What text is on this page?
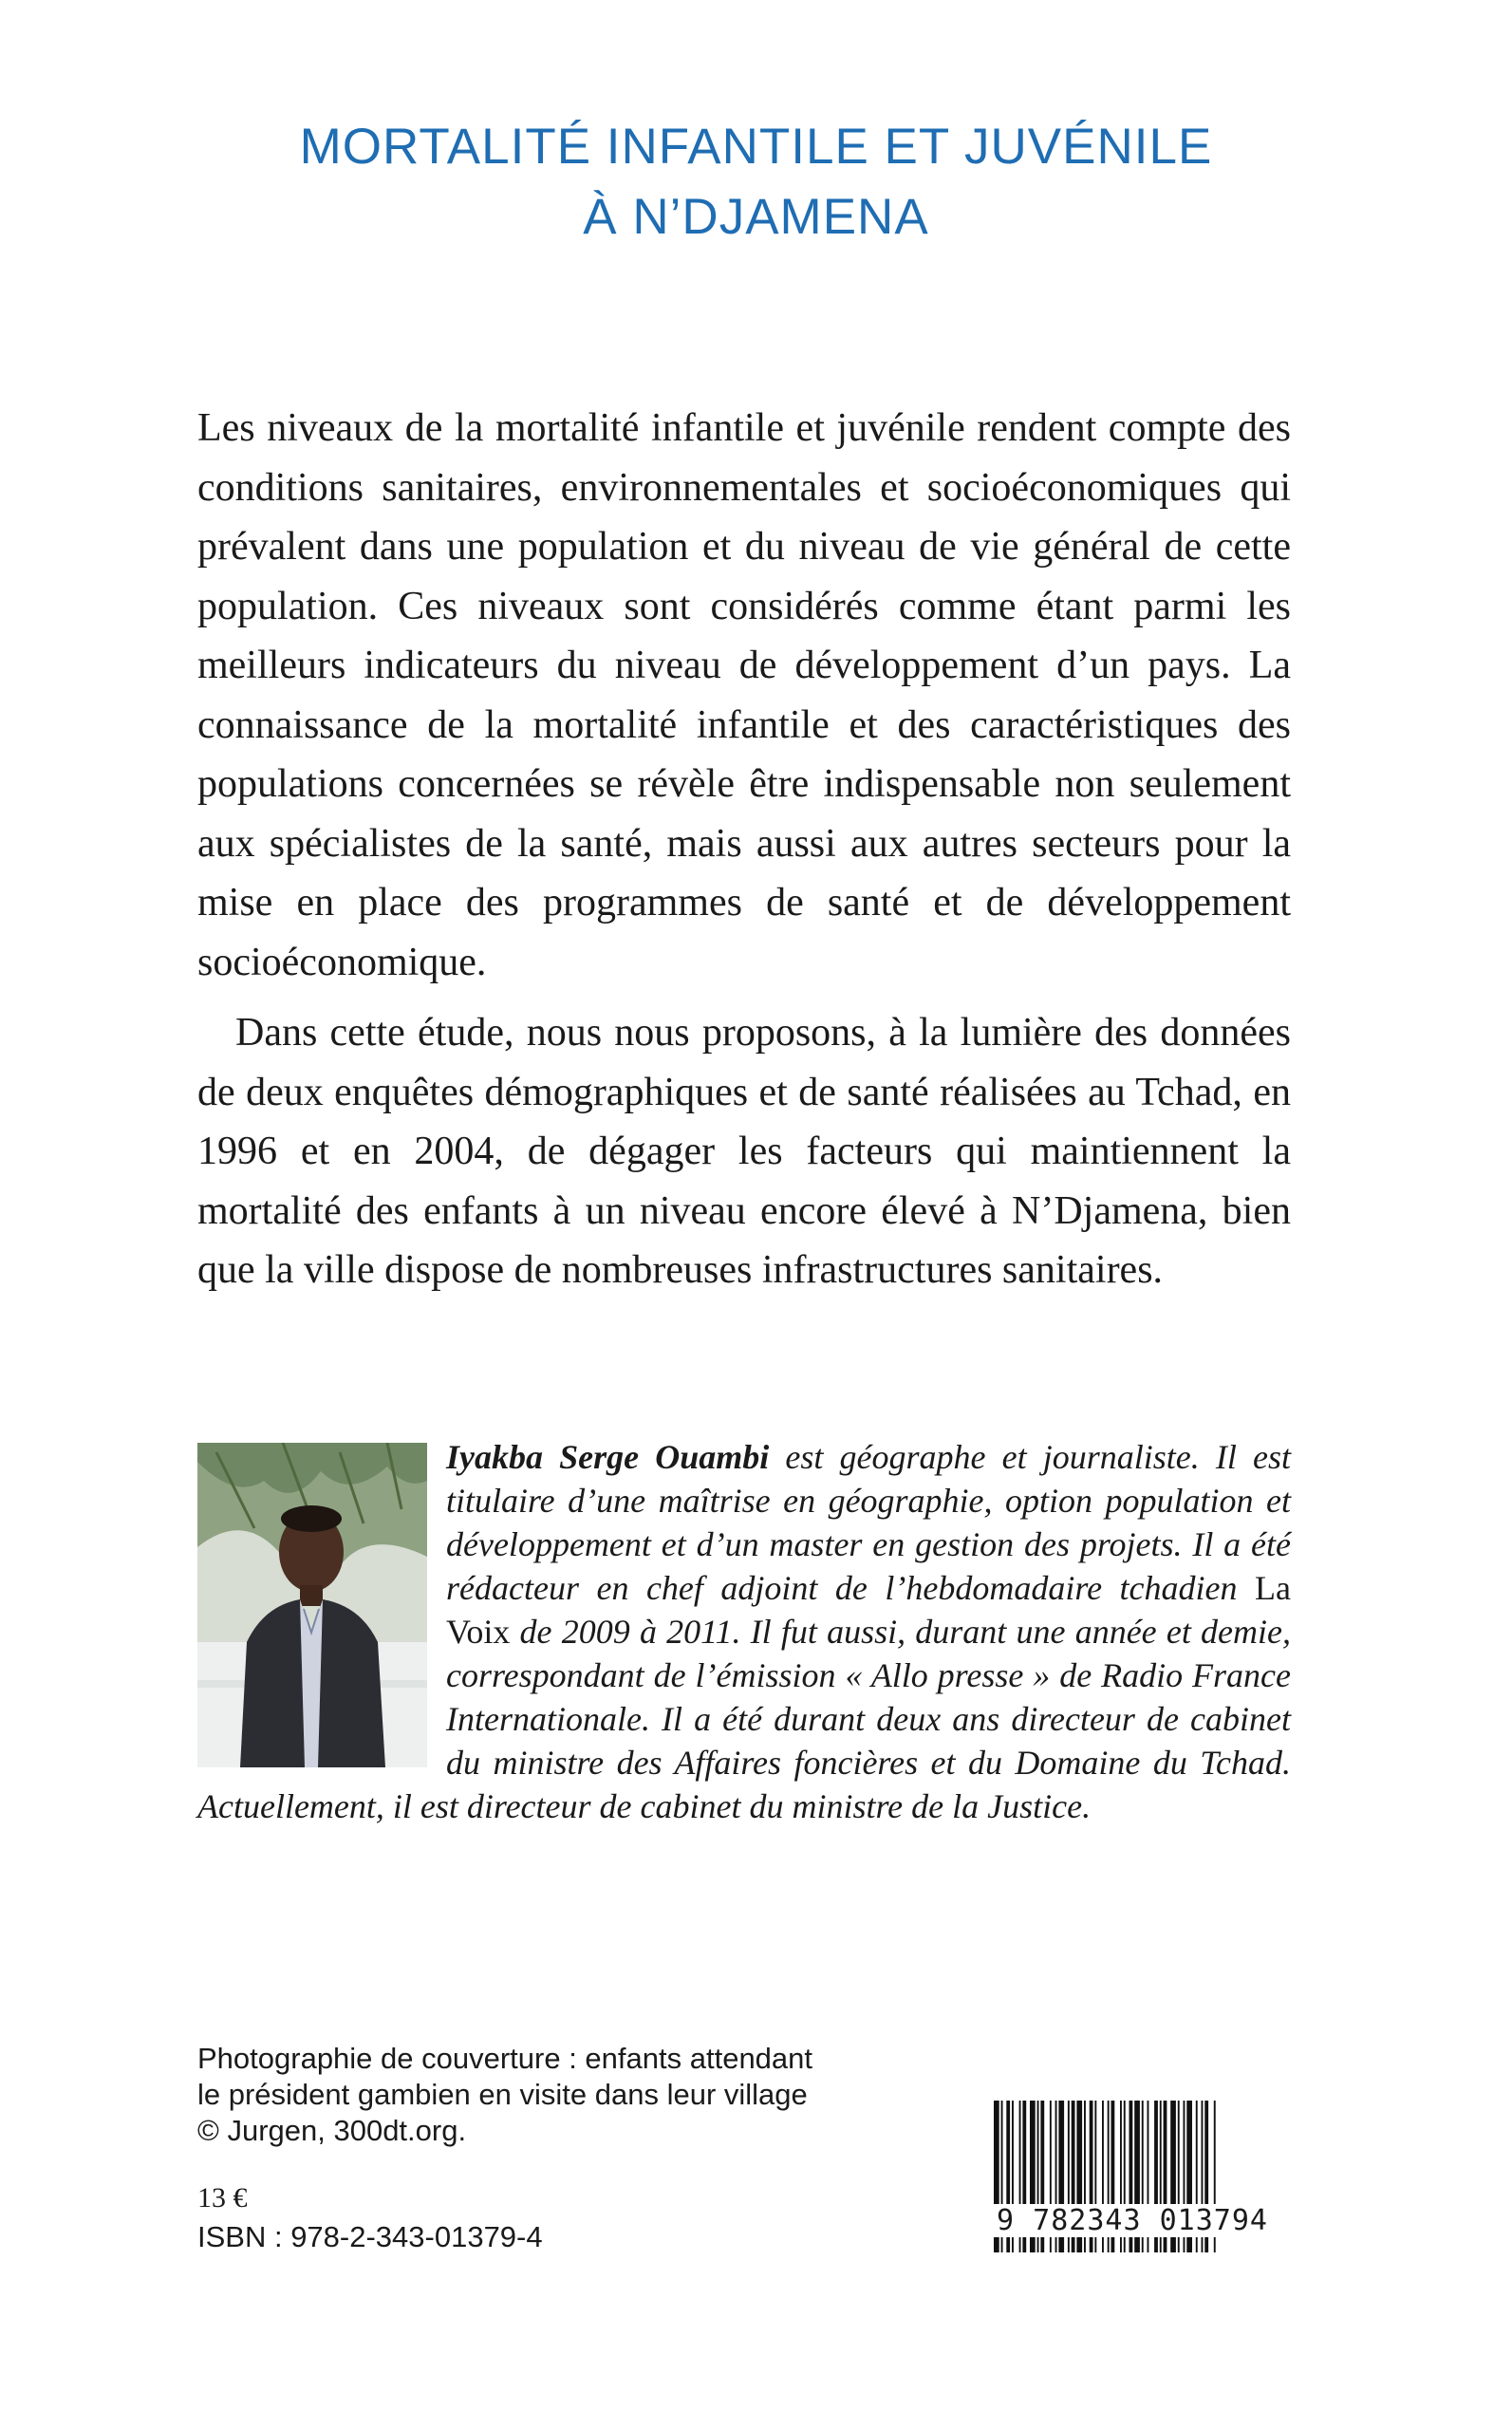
MORTALITÉ INFANTILE ET JUVÉNILE
À N’DJAMENA

Les niveaux de la mortalité infantile et juvénile rendent compte des conditions sanitaires, environnementales et socioéconomiques qui prévalent dans une population et du niveau de vie général de cette population. Ces niveaux sont considérés comme étant parmi les meilleurs indicateurs du niveau de développement d’un pays. La connaissance de la mortalité infantile et des caractéristiques des populations concernées se révèle être indispensable non seulement aux spécialistes de la santé, mais aussi aux autres secteurs pour la mise en place des programmes de santé et de développement socioéconomique.

Dans cette étude, nous nous proposons, à la lumière des données de deux enquêtes démographiques et de santé réalisées au Tchad, en 1996 et en 2004, de dégager les facteurs qui maintiennent la mortalité des enfants à un niveau encore élevé à N’Djamena, bien que la ville dispose de nombreuses infrastructures sanitaires.

Iyakba Serge Ouambi est géographe et journaliste. Il est titulaire d’une maîtrise en géographie, option population et développement et d’un master en gestion des projets. Il a été rédacteur en chef adjoint de l’hebdomadaire tchadien La Voix de 2009 à 2011. Il fut aussi, durant une année et demie, correspondant de l’émission « Allo presse » de Radio France Internationale. Il a été durant deux ans directeur de cabinet du ministre des Affaires foncières et du Domaine du Tchad. Actuellement, il est directeur de cabinet du ministre de la Justice.
Photographie de couverture : enfants attendant
le président gambien en visite dans leur village
© Jurgen, 300dt.org.
13 €
ISBN : 978-2-343-01379-4	9 782343 013794
